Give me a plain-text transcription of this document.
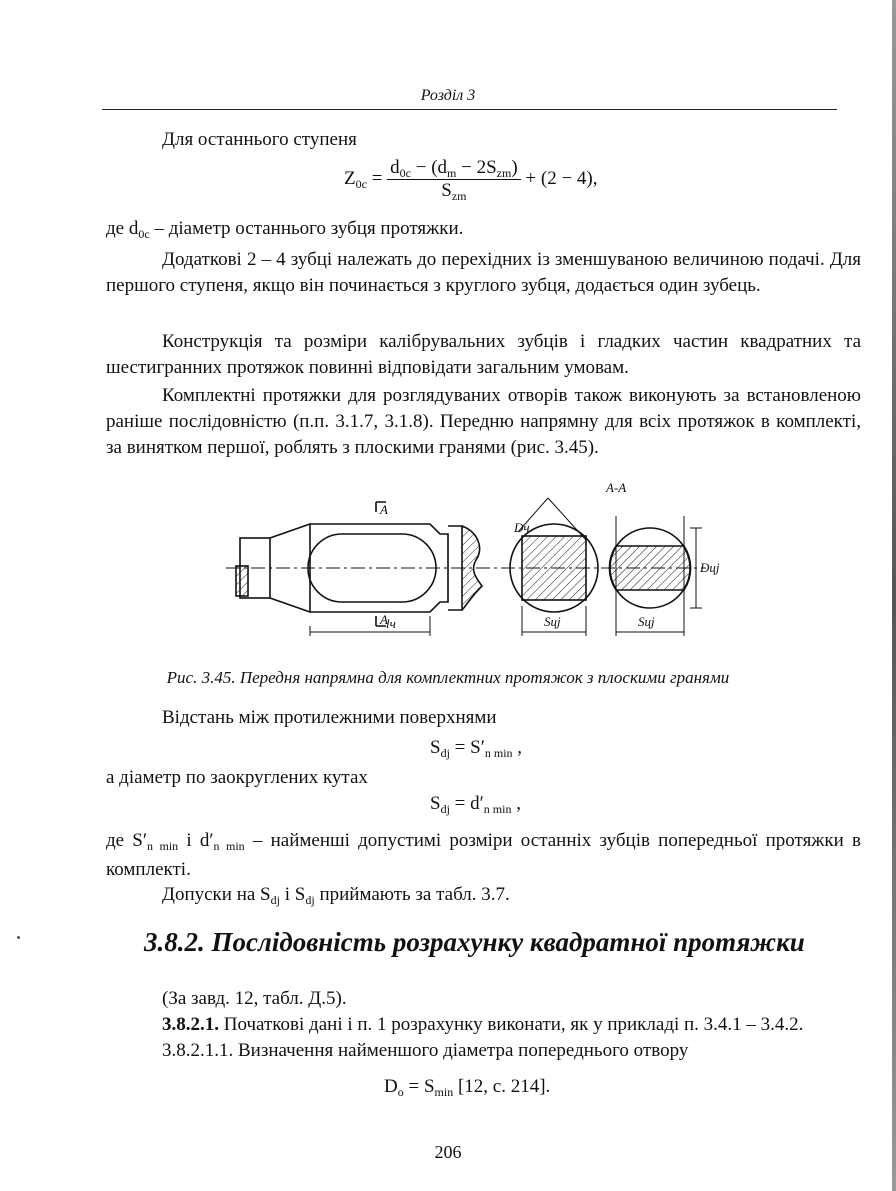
Розділ 3
Для останнього ступеня
$Z_{0c} = \frac{d_{0c} - (d_m - 2S_{zm})}{S_{zm}} + (2 - 4)$,
де $d_{0c}$ – діаметр останнього зубця протяжки.
Додаткові 2 – 4 зубці належать до перехідних із зменшуваною величиною подачі. Для першого ступеня, якщо він починається з круглого зубця, додається один зубець.
Конструкція та розміри калібрувальних зубців і гладких частин квадратних та шестигранних протяжок повинні відповідати загальним умовам.
Комплектні протяжки для розглядуваних отворів також виконують за встановленою раніше послідовністю (п.п. 3.1.7, 3.1.8). Передню напрямну для всіх протяжок в комплекті, за винятком першої, роблять з плоскими гранями (рис. 3.45).
А-А
А
А
lч
Dч
Sцj	Sцj
Dцj
Рис. 3.45. Передня напрямна для комплектних протяжок з плоскими гранями
Відстань між протилежними поверхнями
$S_{dj} = S'_{n min}$ ,
а діаметр по заокруглених кутах
$S_{dj} = d'_{n min}$ ,
де $S'_{n min}$ і $d'_{n min}$ – найменші допустимі розміри останніх зубців попередньої протяжки в комплекті.
Допуски на $S_{dj}$ і $S_{dj}$ приймають за табл. 3.7.
3.8.2. Послідовність розрахунку квадратної протяжки
(За завд. 12, табл. Д.5).
3.8.2.1. Початкові дані і п. 1 розрахунку виконати, як у прикладі п. 3.4.1 – 3.4.2.
3.8.2.1.1. Визначення найменшого діаметра попереднього отвору
$D_o = S_{min}$ [12, с. 214].
206
